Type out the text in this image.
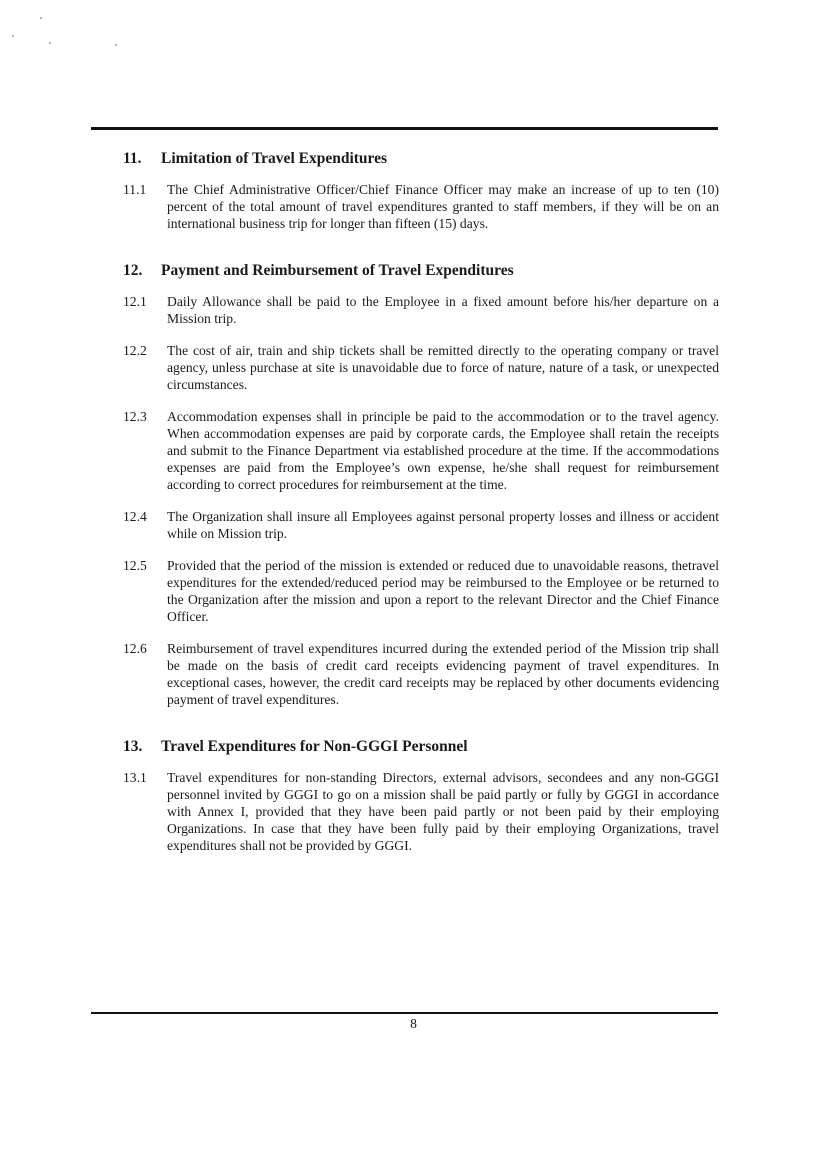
11.	Limitation of Travel Expenditures
11.1	The Chief Administrative Officer/Chief Finance Officer may make an increase of up to ten (10) percent of the total amount of travel expenditures granted to staff members, if they will be on an international business trip for longer than fifteen (15) days.
12.	Payment and Reimbursement of Travel Expenditures
12.1	Daily Allowance shall be paid to the Employee in a fixed amount before his/her departure on a Mission trip.
12.2	The cost of air, train and ship tickets shall be remitted directly to the operating company or travel agency, unless purchase at site is unavoidable due to force of nature, nature of a task, or unexpected circumstances.
12.3	Accommodation expenses shall in principle be paid to the accommodation or to the travel agency. When accommodation expenses are paid by corporate cards, the Employee shall retain the receipts and submit to the Finance Department via established procedure at the time. If the accommodations expenses are paid from the Employee’s own expense, he/she shall request for reimbursement according to correct procedures for reimbursement at the time.
12.4	The Organization shall insure all Employees against personal property losses and illness or accident while on Mission trip.
12.5	Provided that the period of the mission is extended or reduced due to unavoidable reasons, thetravel expenditures for the extended/reduced period may be reimbursed to the Employee or be returned to the Organization after the mission and upon a report to the relevant Director and the Chief Finance Officer.
12.6	Reimbursement of travel expenditures incurred during the extended period of the Mission trip shall be made on the basis of credit card receipts evidencing payment of travel expenditures. In exceptional cases, however, the credit card receipts may be replaced by other documents evidencing payment of travel expenditures.
13.	Travel Expenditures for Non-GGGI Personnel
13.1	Travel expenditures for non-standing Directors, external advisors, secondees and any non-GGGI personnel invited by GGGI to go on a mission shall be paid partly or fully by GGGI in accordance with Annex I, provided that they have been paid partly or not been paid by their employing Organizations. In case that they have been fully paid by their employing Organizations, travel expenditures shall not be provided by GGGI.
8
